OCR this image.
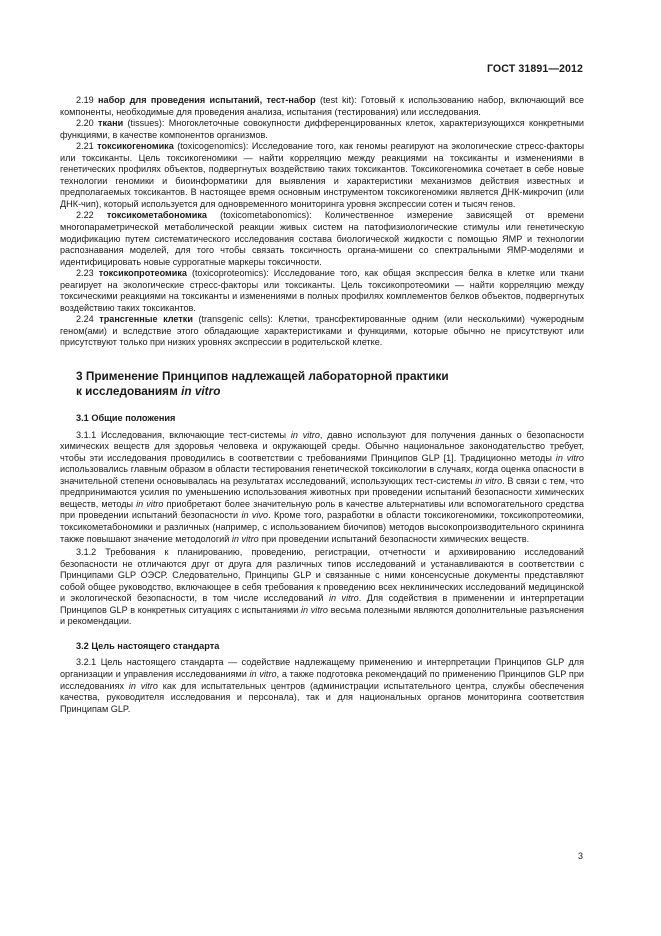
ГОСТ 31891—2012

2.19 набор для проведения испытаний, тест-набор (test kit): Готовый к использованию набор, включающий все компоненты, необходимые для проведения анализа, испытания (тестирования) или исследования.

2.20 ткани (tissues): Многоклеточные совокупности дифференцированных клеток, характеризующихся конкретными функциями, в качестве компонентов организмов.

2.21 токсикогеномика (toxicogenomics): Исследование того, как геномы реагируют на экологические стресс-факторы или токсиканты. Цель токсикогеномики — найти корреляцию между реакциями на токсиканты и изменениями в генетических профилях объектов, подвергнутых воздействию таких токсикантов. Токсикогеномика сочетает в себе новые технологии геномики и биоинформатики для выявления и характеристики механизмов действия известных и предполагаемых токсикантов. В настоящее время основным инструментом токсикогеномики является ДНК-микрочип (или ДНК-чип), который используется для одновременного мониторинга уровня экспрессии сотен и тысяч генов.

2.22 токсикометабономика (toxicometabonomics): Количественное измерение зависящей от времени многопараметрической метаболической реакции живых систем на патофизиологические стимулы или генетическую модификацию путем систематического исследования состава биологической жидкости с помощью ЯМР и технологии распознавания моделей, для того чтобы связать токсичность органа-мишени со спектральными ЯМР-моделями и идентифицировать новые суррогатные маркеры токсичности.

2.23 токсикопротеомика (toxicoproteomics): Исследование того, как общая экспрессия белка в клетке или ткани реагирует на экологические стресс-факторы или токсиканты. Цель токсикопротеомики — найти корреляцию между токсическими реакциями на токсиканты и изменениями в полных профилях комплементов белков объектов, подвергнутых воздействию таких токсикантов.

2.24 трансгенные клетки (transgenic cells): Клетки, трансфектированные одним (или несколькими) чужеродным геном(ами) и вследствие этого обладающие характеристиками и функциями, которые обычно не присутствуют или присутствуют только при низких уровнях экспрессии в родительской клетке.

3 Применение Принципов надлежащей лабораторной практики
к исследованиям in vitro
3.1 Общие положения

3.1.1 Исследования, включающие тест-системы in vitro, давно используют для получения данных о безопасности химических веществ для здоровья человека и окружающей среды. Обычно национальное законодательство требует, чтобы эти исследования проводились в соответствии с требованиями Принципов GLP [1]. Традиционно методы in vitro использовались главным образом в области тестирования генетической токсикологии в случаях, когда оценка опасности в значительной степени основывалась на результатах исследований, использующих тест-системы in vitro. В связи с тем, что предпринимаются усилия по уменьшению использования животных при проведении испытаний безопасности химических веществ, методы in vitro приобретают более значительную роль в качестве альтернативы или вспомогательного средства при проведении испытаний безопасности in vivo. Кроме того, разработки в области токсикогеномики, токсикопротеомики, токсикометабономики и различных (например, с использованием биочипов) методов высокопроизводительного скрининга также повышают значение методологий in vitro при проведении испытаний безопасности химических веществ.

3.1.2 Требования к планированию, проведению, регистрации, отчетности и архивированию исследований безопасности не отличаются друг от друга для различных типов исследований и устанавливаются в соответствии с Принципами GLP ОЭСР. Следовательно, Принципы GLP и связанные с ними консенсусные документы представляют собой общее руководство, включающее в себя требования к проведению всех неклинических исследований медицинской и экологической безопасности, в том числе исследований in vitro. Для содействия в применении и интерпретации Принципов GLP в конкретных ситуациях с испытаниями in vitro весьма полезными являются дополнительные разъяснения и рекомендации.

3.2 Цель настоящего стандарта

3.2.1 Цель настоящего стандарта — содействие надлежащему применению и интерпретации Принципов GLP для организации и управления исследованиями in vitro, а также подготовка рекомендаций по применению Принципов GLP при исследованиях in vitro как для испытательных центров (администрации испытательного центра, службы обеспечения качества, руководителя исследования и персонала), так и для национальных органов мониторинга соответствия Принципам GLP.

3
